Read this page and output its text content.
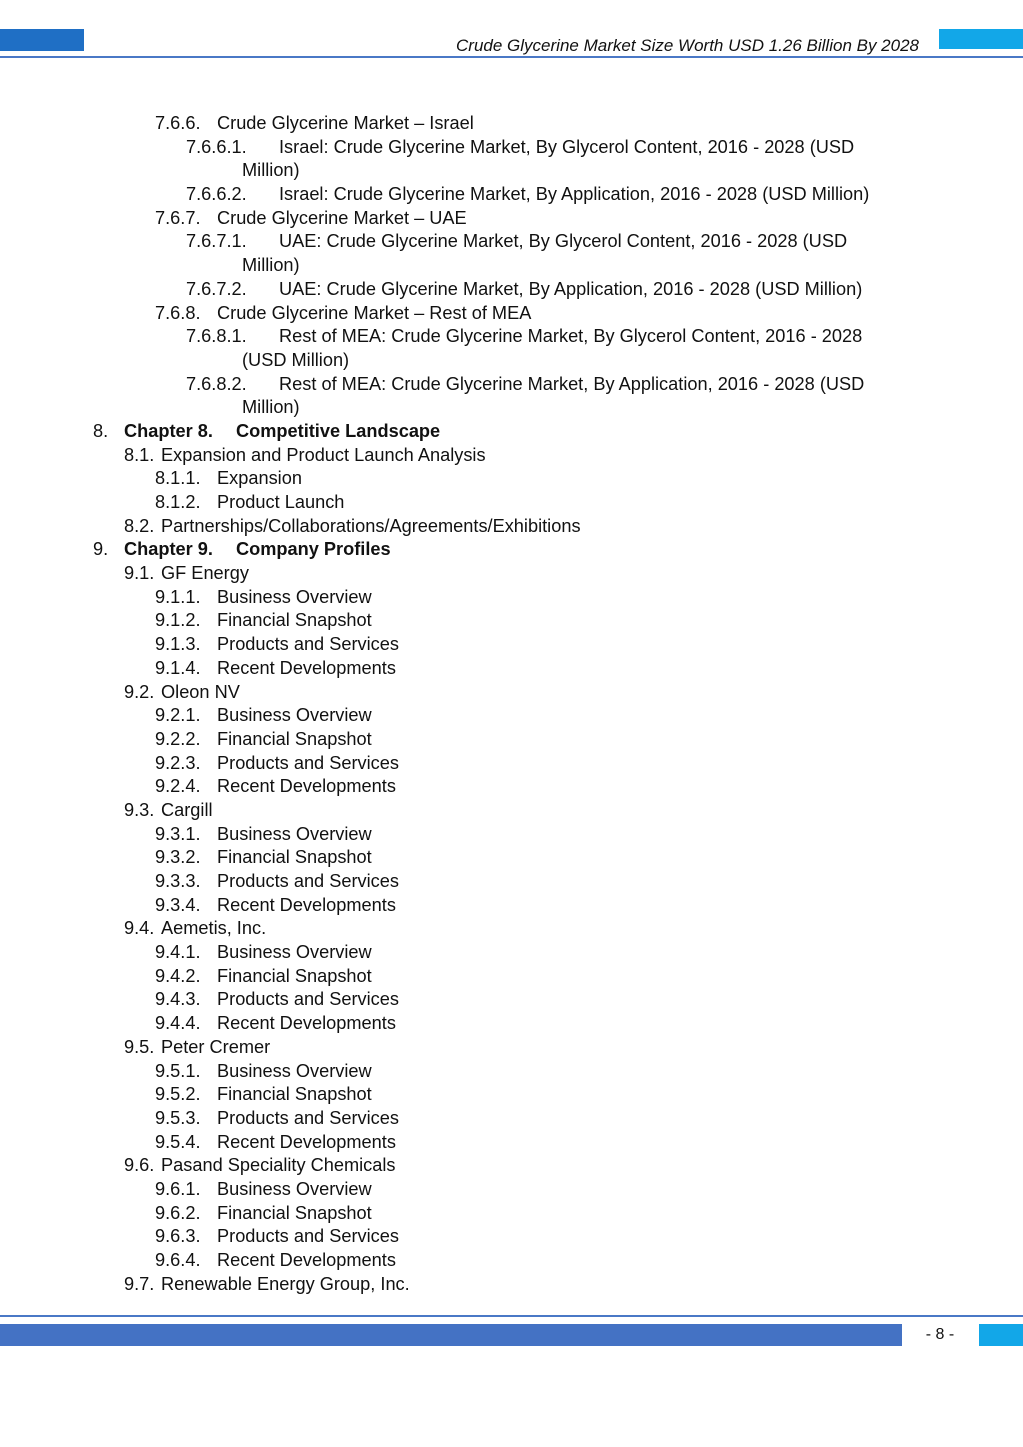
Crude Glycerine Market Size Worth USD 1.26 Billion By 2028
7.6.6. Crude Glycerine Market – Israel
7.6.6.1. Israel: Crude Glycerine Market, By Glycerol Content, 2016 - 2028 (USD
Million)
7.6.6.2. Israel: Crude Glycerine Market, By Application, 2016 - 2028 (USD Million)
7.6.7. Crude Glycerine Market – UAE
7.6.7.1. UAE: Crude Glycerine Market, By Glycerol Content, 2016 - 2028 (USD
Million)
7.6.7.2. UAE: Crude Glycerine Market, By Application, 2016 - 2028 (USD Million)
7.6.8. Crude Glycerine Market – Rest of MEA
7.6.8.1. Rest of MEA: Crude Glycerine Market, By Glycerol Content, 2016 - 2028
(USD Million)
7.6.8.2. Rest of MEA: Crude Glycerine Market, By Application, 2016 - 2028 (USD
Million)
8. Chapter 8. Competitive Landscape
8.1. Expansion and Product Launch Analysis
8.1.1. Expansion
8.1.2. Product Launch
8.2. Partnerships/Collaborations/Agreements/Exhibitions
9. Chapter 9. Company Profiles
9.1. GF Energy
9.1.1. Business Overview
9.1.2. Financial Snapshot
9.1.3. Products and Services
9.1.4. Recent Developments
9.2. Oleon NV
9.2.1. Business Overview
9.2.2. Financial Snapshot
9.2.3. Products and Services
9.2.4. Recent Developments
9.3. Cargill
9.3.1. Business Overview
9.3.2. Financial Snapshot
9.3.3. Products and Services
9.3.4. Recent Developments
9.4. Aemetis, Inc.
9.4.1. Business Overview
9.4.2. Financial Snapshot
9.4.3. Products and Services
9.4.4. Recent Developments
9.5. Peter Cremer
9.5.1. Business Overview
9.5.2. Financial Snapshot
9.5.3. Products and Services
9.5.4. Recent Developments
9.6. Pasand Speciality Chemicals
9.6.1. Business Overview
9.6.2. Financial Snapshot
9.6.3. Products and Services
9.6.4. Recent Developments
9.7. Renewable Energy Group, Inc.
- 8 -
